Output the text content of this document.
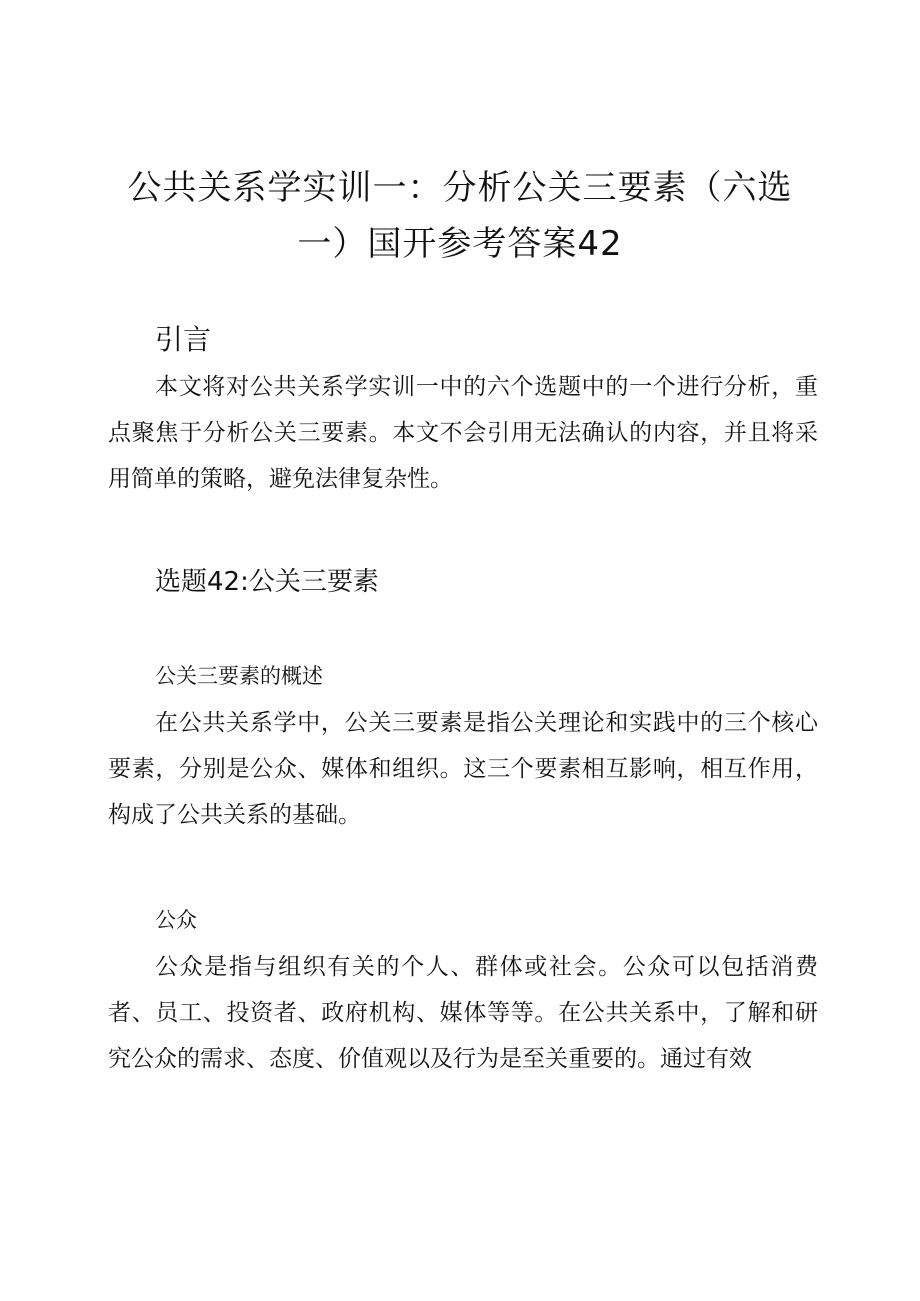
公共关系学实训一：分析公关三要素（六选一）国开参考答案42
引言

本文将对公共关系学实训一中的六个选题中的一个进行分析，重点聚焦于分析公关三要素。本文不会引用无法确认的内容，并且将采用简单的策略，避免法律复杂性。

选题42:公关三要素
公关三要素的概述

在公共关系学中，公关三要素是指公关理论和实践中的三个核心要素，分别是公众、媒体和组织。这三个要素相互影响，相互作用，构成了公共关系的基础。

公众

公众是指与组织有关的个人、群体或社会。公众可以包括消费者、员工、投资者、政府机构、媒体等等。在公共关系中，了解和研究公众的需求、态度、价值观以及行为是至关重要的。通过有效
